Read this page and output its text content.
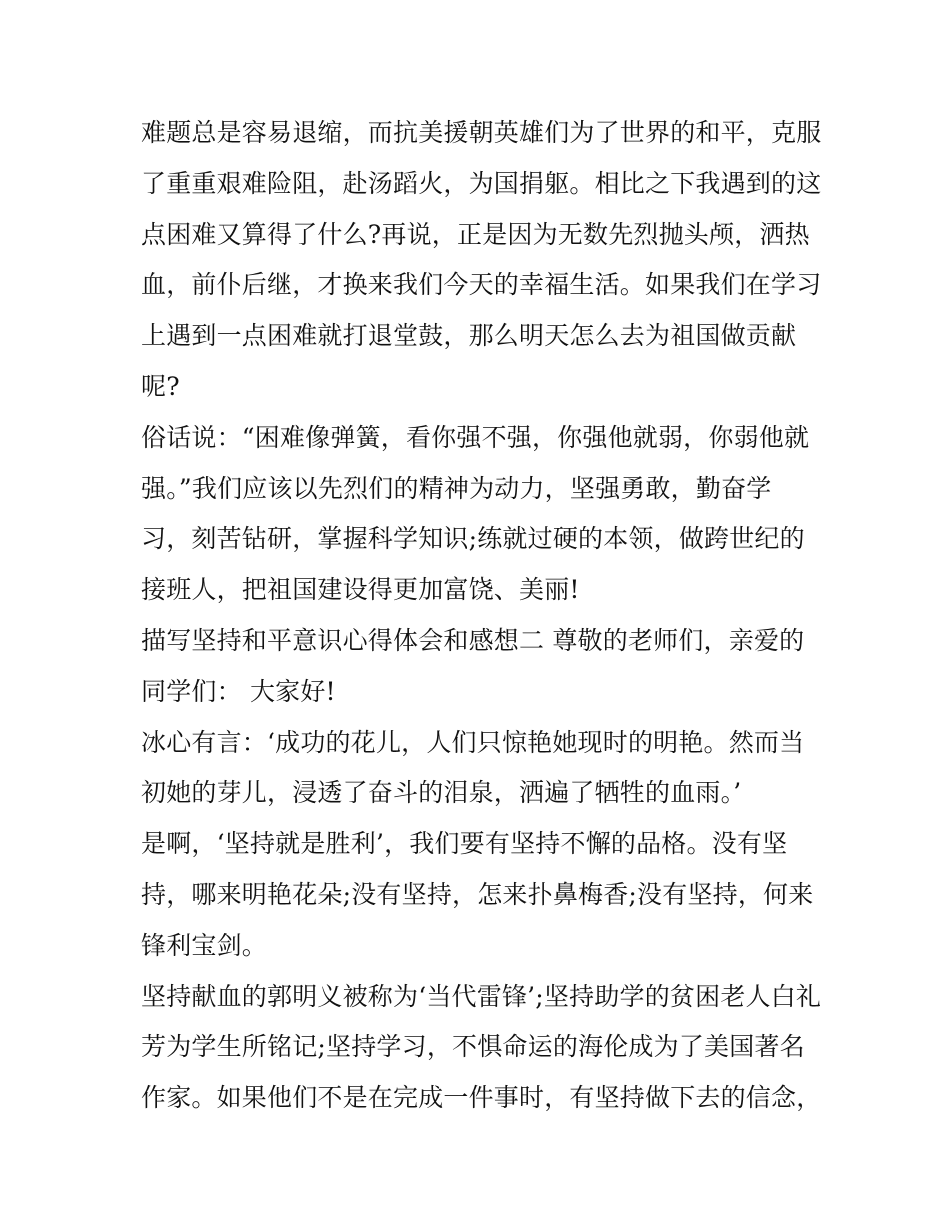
难题总是容易退缩，而抗美援朝英雄们为了世界的和平，克服
了重重艰难险阻，赴汤蹈火，为国捐躯。相比之下我遇到的这
点困难又算得了什么?再说，正是因为无数先烈抛头颅，洒热
血，前仆后继，才换来我们今天的幸福生活。如果我们在学习
上遇到一点困难就打退堂鼓，那么明天怎么去为祖国做贡献
呢?
俗话说：“困难像弹簧，看你强不强，你强他就弱，你弱他就
强。”我们应该以先烈们的精神为动力，坚强勇敢，勤奋学
习，刻苦钻研，掌握科学知识;练就过硬的本领，做跨世纪的
接班人，把祖国建设得更加富饶、美丽!
描写坚持和平意识心得体会和感想二 尊敬的老师们，亲爱的
同学们： 大家好!
冰心有言：‘成功的花儿，人们只惊艳她现时的明艳。然而当
初她的芽儿，浸透了奋斗的泪泉，洒遍了牺牲的血雨。’
是啊，‘坚持就是胜利’，我们要有坚持不懈的品格。没有坚
持，哪来明艳花朵;没有坚持，怎来扑鼻梅香;没有坚持，何来
锋利宝剑。
坚持献血的郭明义被称为‘当代雷锋’;坚持助学的贫困老人白礼
芳为学生所铭记;坚持学习，不惧命运的海伦成为了美国著名
作家。如果他们不是在完成一件事时，有坚持做下去的信念，
